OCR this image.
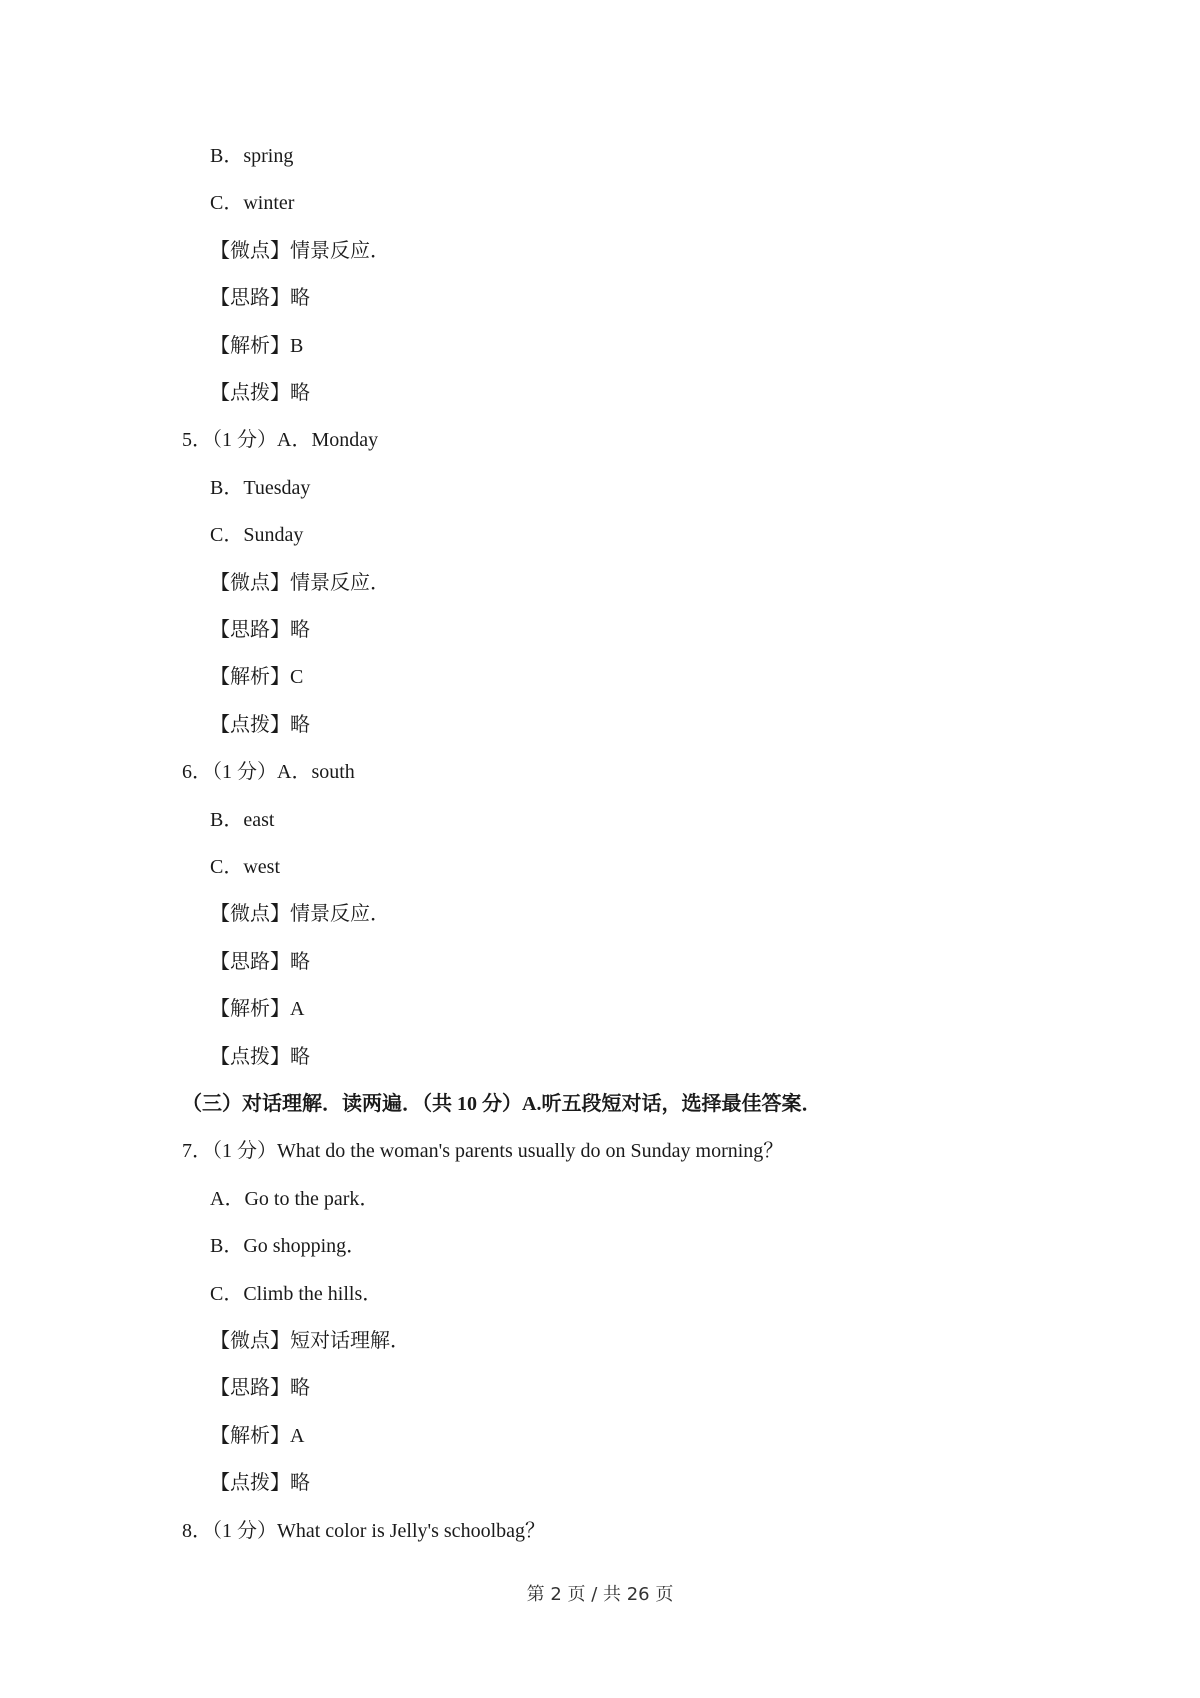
B．spring
C．winter
【微点】情景反应．
【思路】略
【解析】B
【点拨】略
5．（1 分）A．Monday
B．Tuesday
C．Sunday
【微点】情景反应．
【思路】略
【解析】C
【点拨】略
6．（1 分）A．south
B．east
C．west
【微点】情景反应．
【思路】略
【解析】A
【点拨】略
（三）对话理解．读两遍．（共 10 分）A.听五段短对话，选择最佳答案．
7．（1 分）What do the woman's parents usually do on Sunday morning？
A．Go to the park．
B．Go shopping．
C．Climb the hills．
【微点】短对话理解．
【思路】略
【解析】A
【点拨】略
8．（1 分）What color is Jelly's schoolbag？
第 2 页 / 共 26 页
